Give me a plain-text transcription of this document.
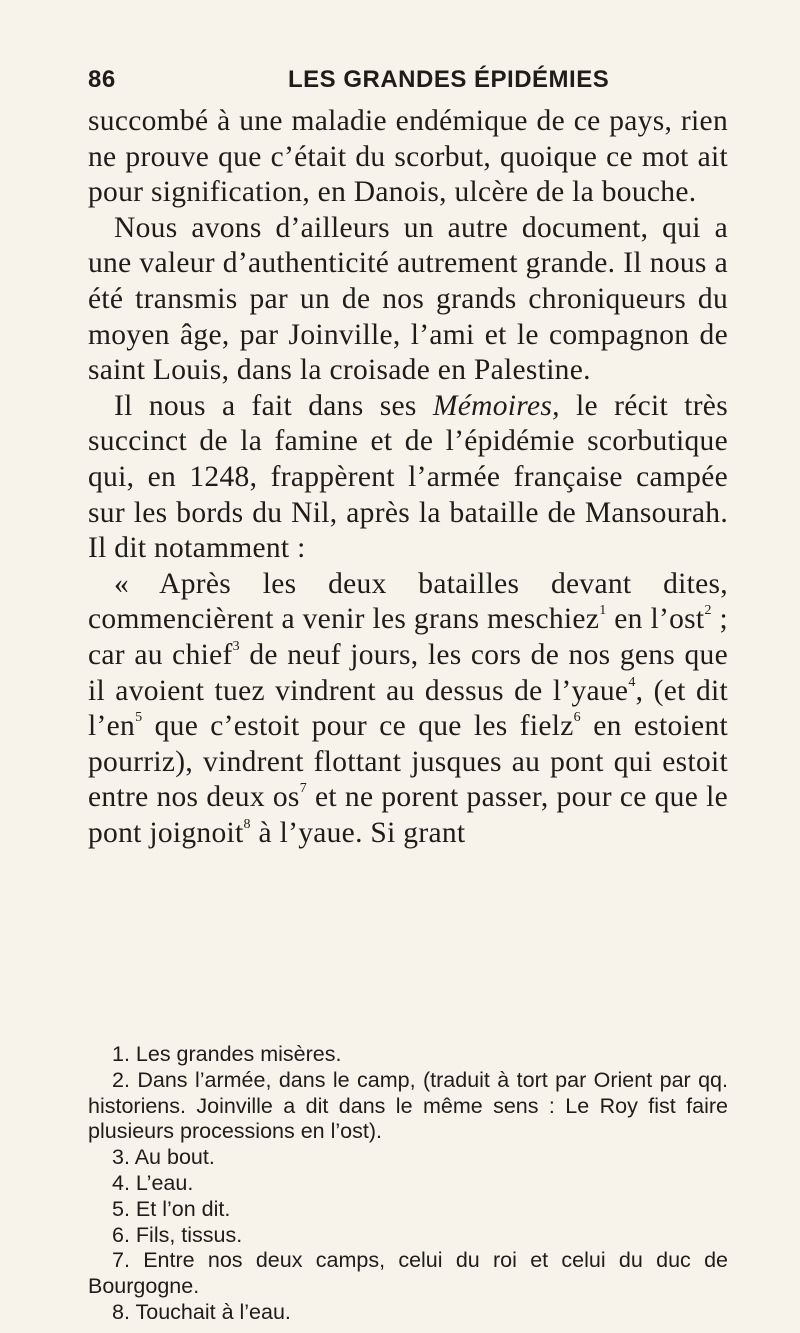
86	LES GRANDES ÉPIDÉMIES

succombé à une maladie endémique de ce pays, rien ne prouve que c’était du scorbut, quoique ce mot ait pour signification, en Danois, ulcère de la bouche.

Nous avons d’ailleurs un autre document, qui a une valeur d’authenticité autrement grande. Il nous a été transmis par un de nos grands chroniqueurs du moyen âge, par Joinville, l’ami et le compagnon de saint Louis, dans la croisade en Palestine.

Il nous a fait dans ses Mémoires, le récit très succinct de la famine et de l’épidémie scorbutique qui, en 1248, frappèrent l’armée française campée sur les bords du Nil, après la bataille de Mansourah. Il dit notamment :

« Après les deux batailles devant dites, commencièrent a venir les grans meschiez$^1$ en l’ost$^2$ ; car au chief$^3$ de neuf jours, les cors de nos gens que il avoient tuez vindrent au dessus de l’yaue$^4$, (et dit $l’en^5$ que c’estoit pour ce que les fielz$^6$ en estoient pourriz), vindrent flottant jusques au pont qui estoit entre nos deux $os^7$ et ne porent passer, pour ce que le pont joignoit$^8$ à l’yaue. Si grant

1. Les grandes misères.

2. Dans l’armée, dans le camp, (traduit à tort par Orient par qq. historiens. Joinville a dit dans le même sens : Le Roy fist faire plusieurs processions en l’ost).

3. Au bout.

4. L’eau.

5. Et l’on dit.

6. Fils, tissus.

7. Entre nos deux camps, celui du roi et celui du duc de Bourgogne.

8. Touchait à l’eau.
